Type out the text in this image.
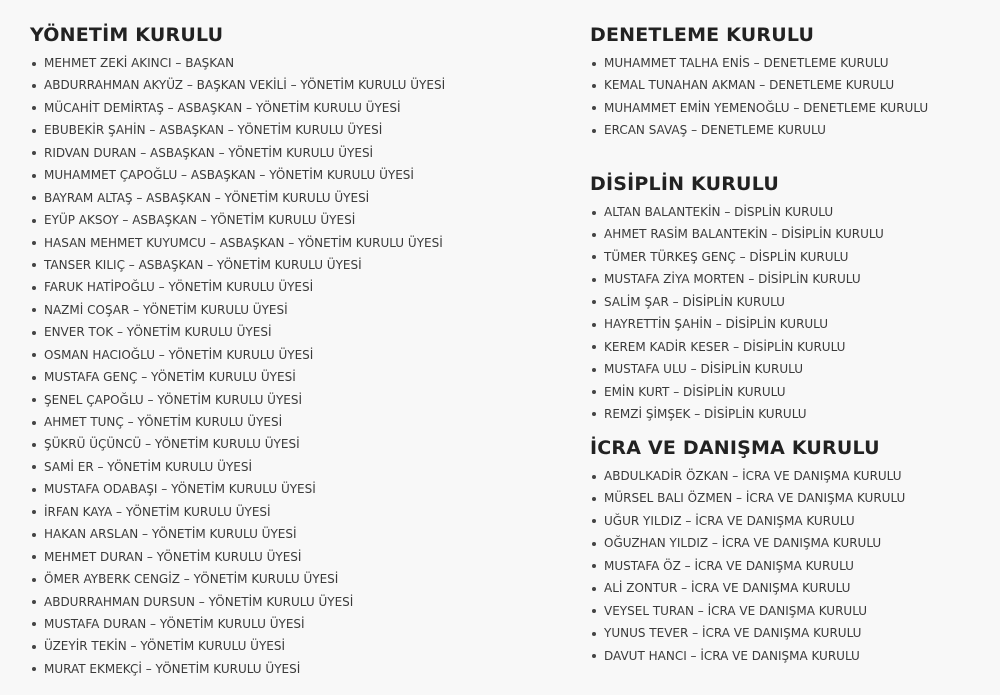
YÖNETİM KURULU
MEHMET ZEKİ AKINCI – BAŞKAN
ABDURRAHMAN AKYÜZ – BAŞKAN VEKİLİ – YÖNETİM KURULU ÜYESİ
MÜCAHİT DEMİRTAŞ – ASBAŞKAN – YÖNETİM KURULU ÜYESİ
EBUBEKİR ŞAHİN – ASBAŞKAN – YÖNETİM KURULU ÜYESİ
RIDVAN DURAN – ASBAŞKAN – YÖNETİM KURULU ÜYESİ
MUHAMMET ÇAPOĞLU – ASBAŞKAN – YÖNETİM KURULU ÜYESİ
BAYRAM ALTAŞ – ASBAŞKAN – YÖNETİM KURULU ÜYESİ
EYÜP AKSOY – ASBAŞKAN – YÖNETİM KURULU ÜYESİ
HASAN MEHMET KUYUMCU – ASBAŞKAN – YÖNETİM KURULU ÜYESİ
TANSER KILIÇ – ASBAŞKAN – YÖNETİM KURULU ÜYESİ
FARUK HATİPOĞLU – YÖNETİM KURULU ÜYESİ
NAZMİ COŞAR – YÖNETİM KURULU ÜYESİ
ENVER TOK – YÖNETİM KURULU ÜYESİ
OSMAN HACIOĞLU – YÖNETİM KURULU ÜYESİ
MUSTAFA GENÇ – YÖNETİM KURULU ÜYESİ
ŞENEL ÇAPOĞLU – YÖNETİM KURULU ÜYESİ
AHMET TUNÇ – YÖNETİM KURULU ÜYESİ
ŞÜKRÜ ÜÇÜNCÜ – YÖNETİM KURULU ÜYESİ
SAMİ ER – YÖNETİM KURULU ÜYESİ
MUSTAFA ODABAŞI – YÖNETİM KURULU ÜYESİ
İRFAN KAYA – YÖNETİM KURULU ÜYESİ
HAKAN ARSLAN – YÖNETİM KURULU ÜYESİ
MEHMET DURAN – YÖNETİM KURULU ÜYESİ
ÖMER AYBERK CENGİZ – YÖNETİM KURULU ÜYESİ
ABDURRAHMAN DURSUN – YÖNETİM KURULU ÜYESİ
MUSTAFA DURAN – YÖNETİM KURULU ÜYESİ
ÜZEYİR TEKİN – YÖNETİM KURULU ÜYESİ
MURAT EKMEKÇİ – YÖNETİM KURULU ÜYESİ
DENETLEME KURULU
MUHAMMET TALHA ENİS – DENETLEME KURULU
KEMAL TUNAHAN AKMAN – DENETLEME KURULU
MUHAMMET EMİN YEMENOĞLU – DENETLEME KURULU
ERCAN SAVAŞ – DENETLEME KURULU
DİSİPLİN KURULU
ALTAN BALANTEKİN – DİSPLİN KURULU
AHMET RASİM BALANTEKİN – DİSİPLİN KURULU
TÜMER TÜRKEŞ GENÇ – DİSPLİN KURULU
MUSTAFA ZİYA MORTEN – DİSİPLİN KURULU
SALİM ŞAR – DİSİPLİN KURULU
HAYRETTİN ŞAHİN – DİSİPLİN KURULU
KEREM KADİR KESER – DİSİPLİN KURULU
MUSTAFA ULU – DİSİPLİN KURULU
EMİN KURT – DİSİPLİN KURULU
REMZİ ŞİMŞEK – DİSİPLİN KURULU
İCRA VE DANIŞMA KURULU
ABDULKADİR ÖZKAN – İCRA VE DANIŞMA KURULU
MÜRSEL BALI ÖZMEN – İCRA VE DANIŞMA KURULU
UĞUR YILDIZ – İCRA VE DANIŞMA KURULU
OĞUZHAN YILDIZ – İCRA VE DANIŞMA KURULU
MUSTAFA ÖZ – İCRA VE DANIŞMA KURULU
ALİ ZONTUR – İCRA VE DANIŞMA KURULU
VEYSEL TURAN – İCRA VE DANIŞMA KURULU
YUNUS TEVER – İCRA VE DANIŞMA KURULU
DAVUT HANCI – İCRA VE DANIŞMA KURULU
